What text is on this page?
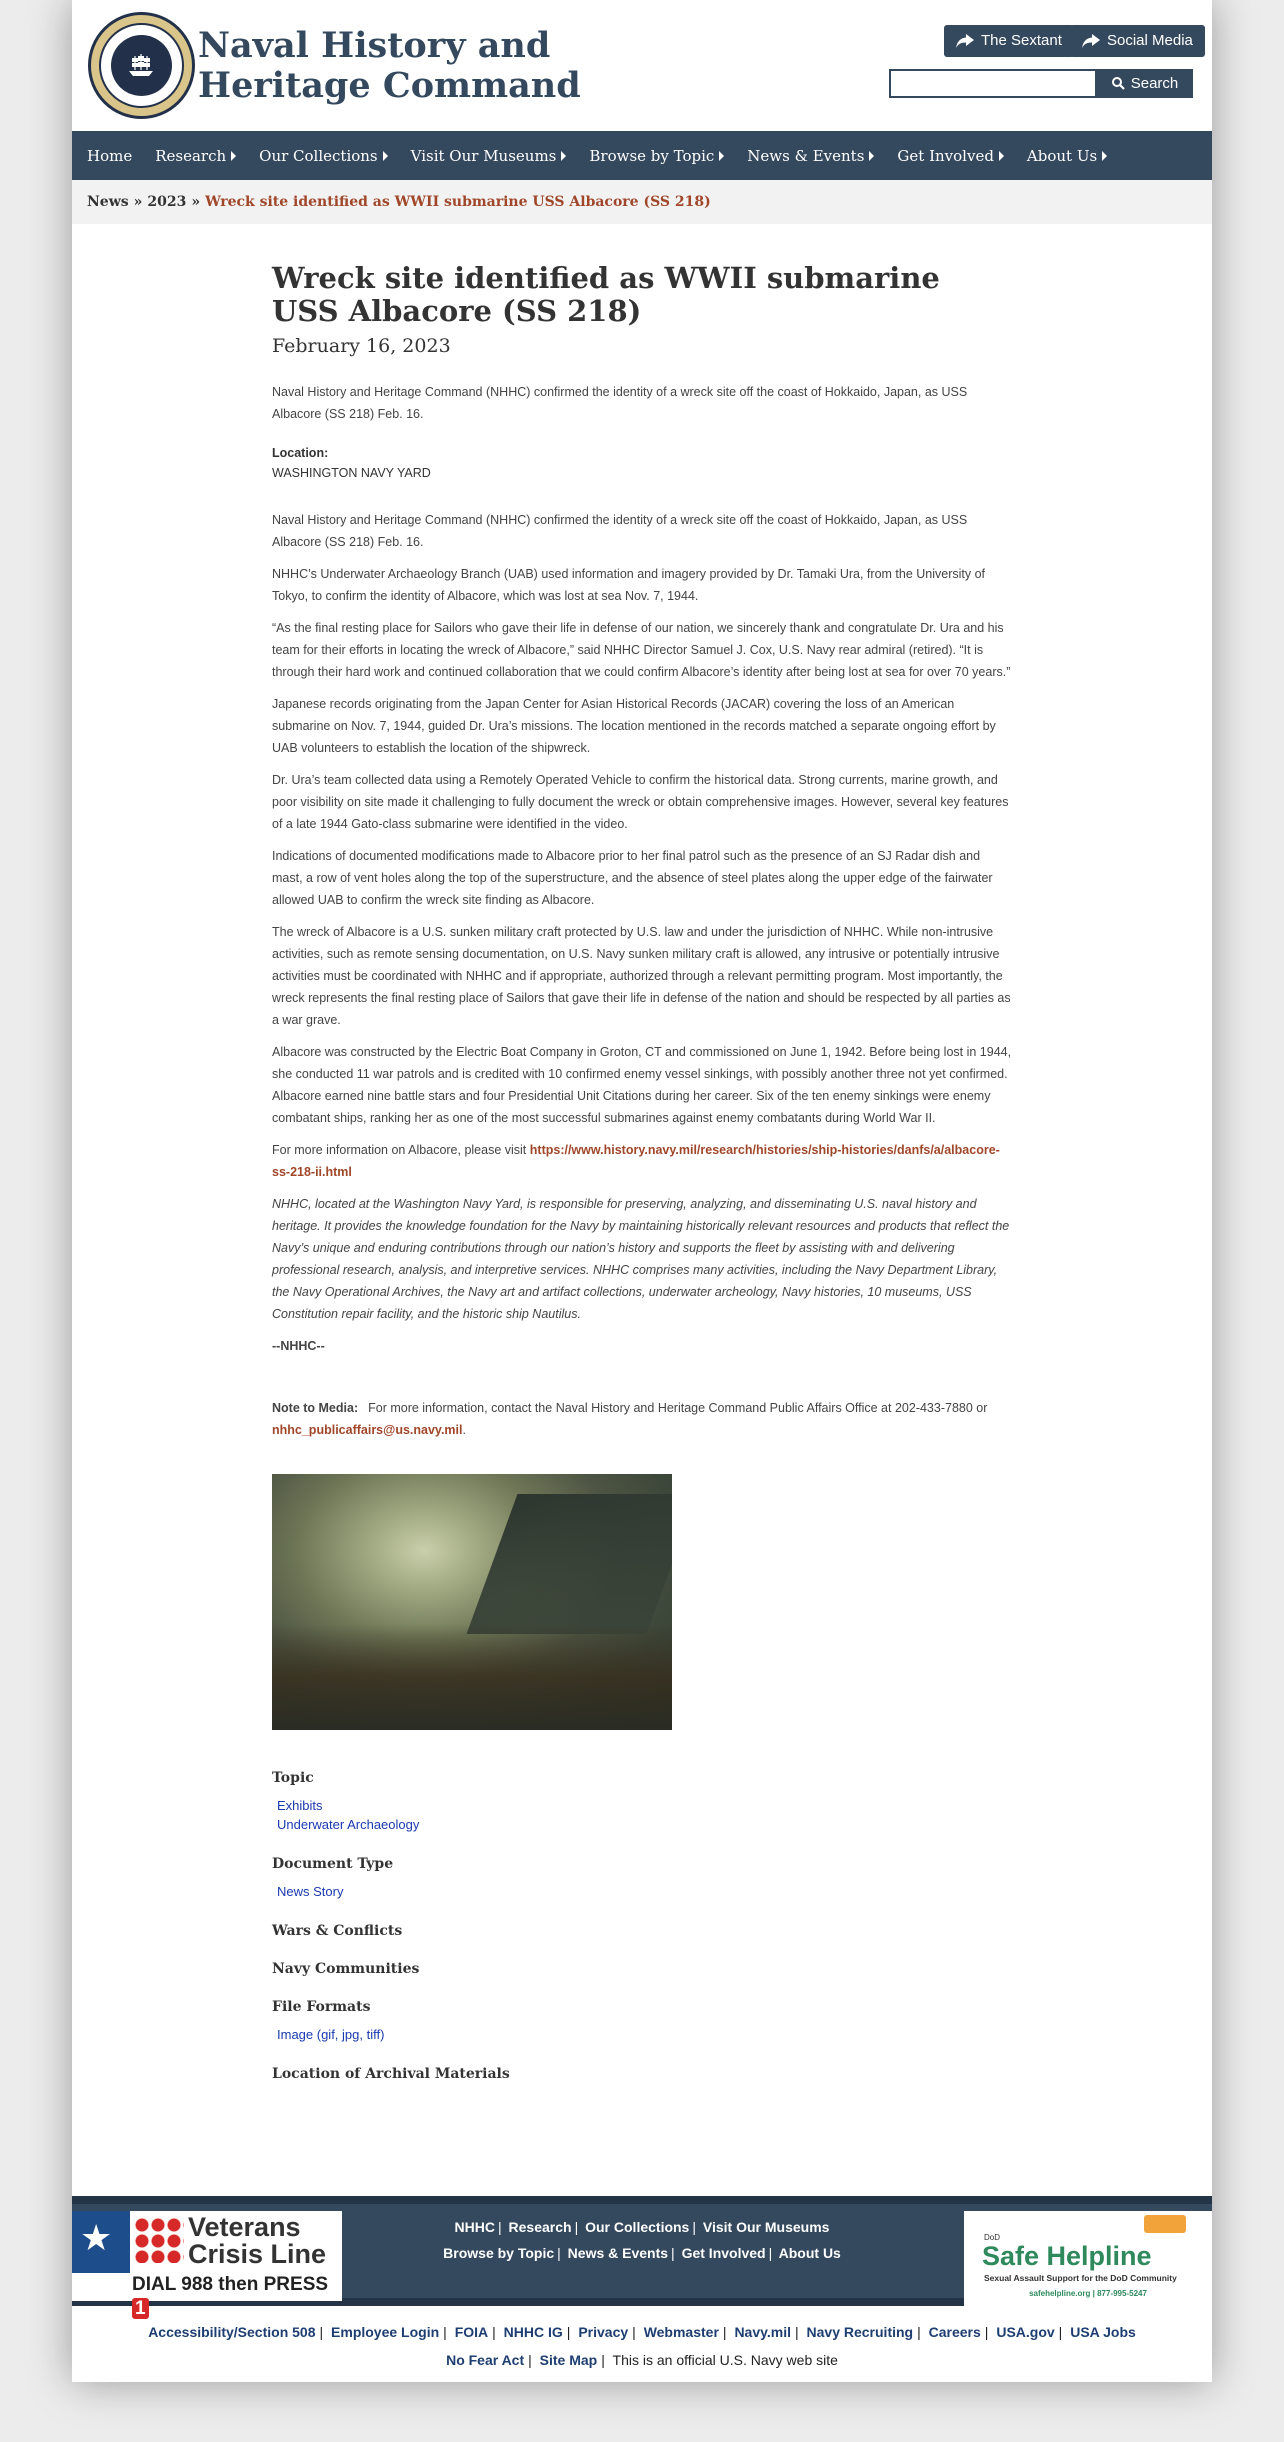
Naval History and Heritage Command
The Sextant	Social Media
Search
Home Research Our Collections Visit Our Museums Browse by Topic News & Events Get Involved About Us
News » 2023 » Wreck site identified as WWII submarine USS Albacore (SS 218)
Wreck site identified as WWII submarine USS Albacore (SS 218)
February 16, 2023

Naval History and Heritage Command (NHHC) confirmed the identity of a wreck site off the coast of Hokkaido, Japan, as USS Albacore (SS 218) Feb. 16.

Location:
WASHINGTON NAVY YARD

Naval History and Heritage Command (NHHC) confirmed the identity of a wreck site off the coast of Hokkaido, Japan, as USS Albacore (SS 218) Feb. 16.

NHHC’s Underwater Archaeology Branch (UAB) used information and imagery provided by Dr. Tamaki Ura, from the University of Tokyo, to confirm the identity of Albacore, which was lost at sea Nov. 7, 1944.

“As the final resting place for Sailors who gave their life in defense of our nation, we sincerely thank and congratulate Dr. Ura and his team for their efforts in locating the wreck of Albacore,” said NHHC Director Samuel J. Cox, U.S. Navy rear admiral (retired). “It is through their hard work and continued collaboration that we could confirm Albacore’s identity after being lost at sea for over 70 years.”

Japanese records originating from the Japan Center for Asian Historical Records (JACAR) covering the loss of an American submarine on Nov. 7, 1944, guided Dr. Ura’s missions. The location mentioned in the records matched a separate ongoing effort by UAB volunteers to establish the location of the shipwreck.

Dr. Ura’s team collected data using a Remotely Operated Vehicle to confirm the historical data. Strong currents, marine growth, and poor visibility on site made it challenging to fully document the wreck or obtain comprehensive images. However, several key features of a late 1944 Gato-class submarine were identified in the video.

Indications of documented modifications made to Albacore prior to her final patrol such as the presence of an SJ Radar dish and mast, a row of vent holes along the top of the superstructure, and the absence of steel plates along the upper edge of the fairwater allowed UAB to confirm the wreck site finding as Albacore.

The wreck of Albacore is a U.S. sunken military craft protected by U.S. law and under the jurisdiction of NHHC. While non-intrusive activities, such as remote sensing documentation, on U.S. Navy sunken military craft is allowed, any intrusive or potentially intrusive activities must be coordinated with NHHC and if appropriate, authorized through a relevant permitting program. Most importantly, the wreck represents the final resting place of Sailors that gave their life in defense of the nation and should be respected by all parties as a war grave.

Albacore was constructed by the Electric Boat Company in Groton, CT and commissioned on June 1, 1942. Before being lost in 1944, she conducted 11 war patrols and is credited with 10 confirmed enemy vessel sinkings, with possibly another three not yet confirmed. Albacore earned nine battle stars and four Presidential Unit Citations during her career. Six of the ten enemy sinkings were enemy combatant ships, ranking her as one of the most successful submarines against enemy combatants during World War II.

For more information on Albacore, please visit https://www.history.navy.mil/research/histories/ship-histories/danfs/a/albacore-ss-218-ii.html

NHHC, located at the Washington Navy Yard, is responsible for preserving, analyzing, and disseminating U.S. naval history and heritage. It provides the knowledge foundation for the Navy by maintaining historically relevant resources and products that reflect the Navy’s unique and enduring contributions through our nation’s history and supports the fleet by assisting with and delivering professional research, analysis, and interpretive services. NHHC comprises many activities, including the Navy Department Library, the Navy Operational Archives, the Navy art and artifact collections, underwater archeology, Navy histories, 10 museums, USS Constitution repair facility, and the historic ship Nautilus.

--NHHC--

Note to Media: For more information, contact the Naval History and Heritage Command Public Affairs Office at 202-433-7880 or nhhc_publicaffairs@us.navy.mil.

Topic
Exhibits
Underwater Archaeology
Document Type
News Story
Wars & Conflicts
Navy Communities
File Formats
Image (gif, jpg, tiff)
Location of Archival Materials
★	Veterans
Crisis Line
DIAL 988 then PRESS 1
NHHC | Research | Our Collections | Visit Our Museums
Browse by Topic | News & Events | Get Involved | About Us
DoD
Safe Helpline
Sexual Assault Support for the DoD Community
safehelpline.org | 877-995-5247
Accessibility/Section 508 | Employee Login | FOIA | NHHC IG | Privacy | Webmaster | Navy.mil | Navy Recruiting | Careers | USA.gov | USA Jobs
No Fear Act | Site Map | This is an official U.S. Navy web site
